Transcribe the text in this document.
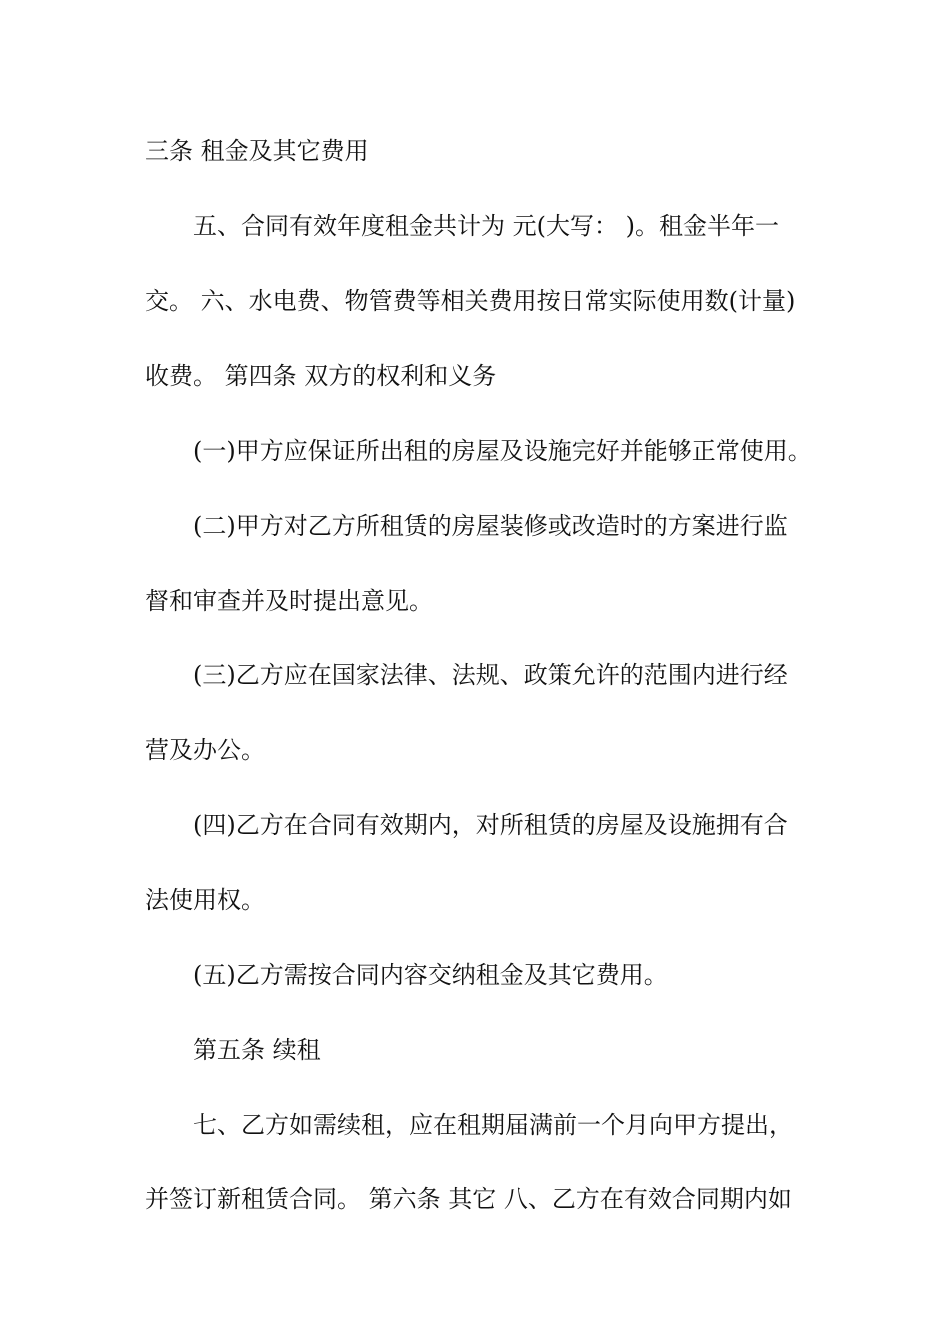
三条 租金及其它费用
五、合同有效年度租金共计为 元(大写： )。租金半年一
交。 六、水电费、物管费等相关费用按日常实际使用数(计量)
收费。 第四条 双方的权利和义务
(一)甲方应保证所出租的房屋及设施完好并能够正常使用。
(二)甲方对乙方所租赁的房屋装修或改造时的方案进行监
督和审查并及时提出意见。
(三)乙方应在国家法律、法规、政策允许的范围内进行经
营及办公。
(四)乙方在合同有效期内，对所租赁的房屋及设施拥有合
法使用权。
(五)乙方需按合同内容交纳租金及其它费用。
第五条 续租
七、乙方如需续租，应在租期届满前一个月向甲方提出，
并签订新租赁合同。 第六条 其它 八、乙方在有效合同期内如
